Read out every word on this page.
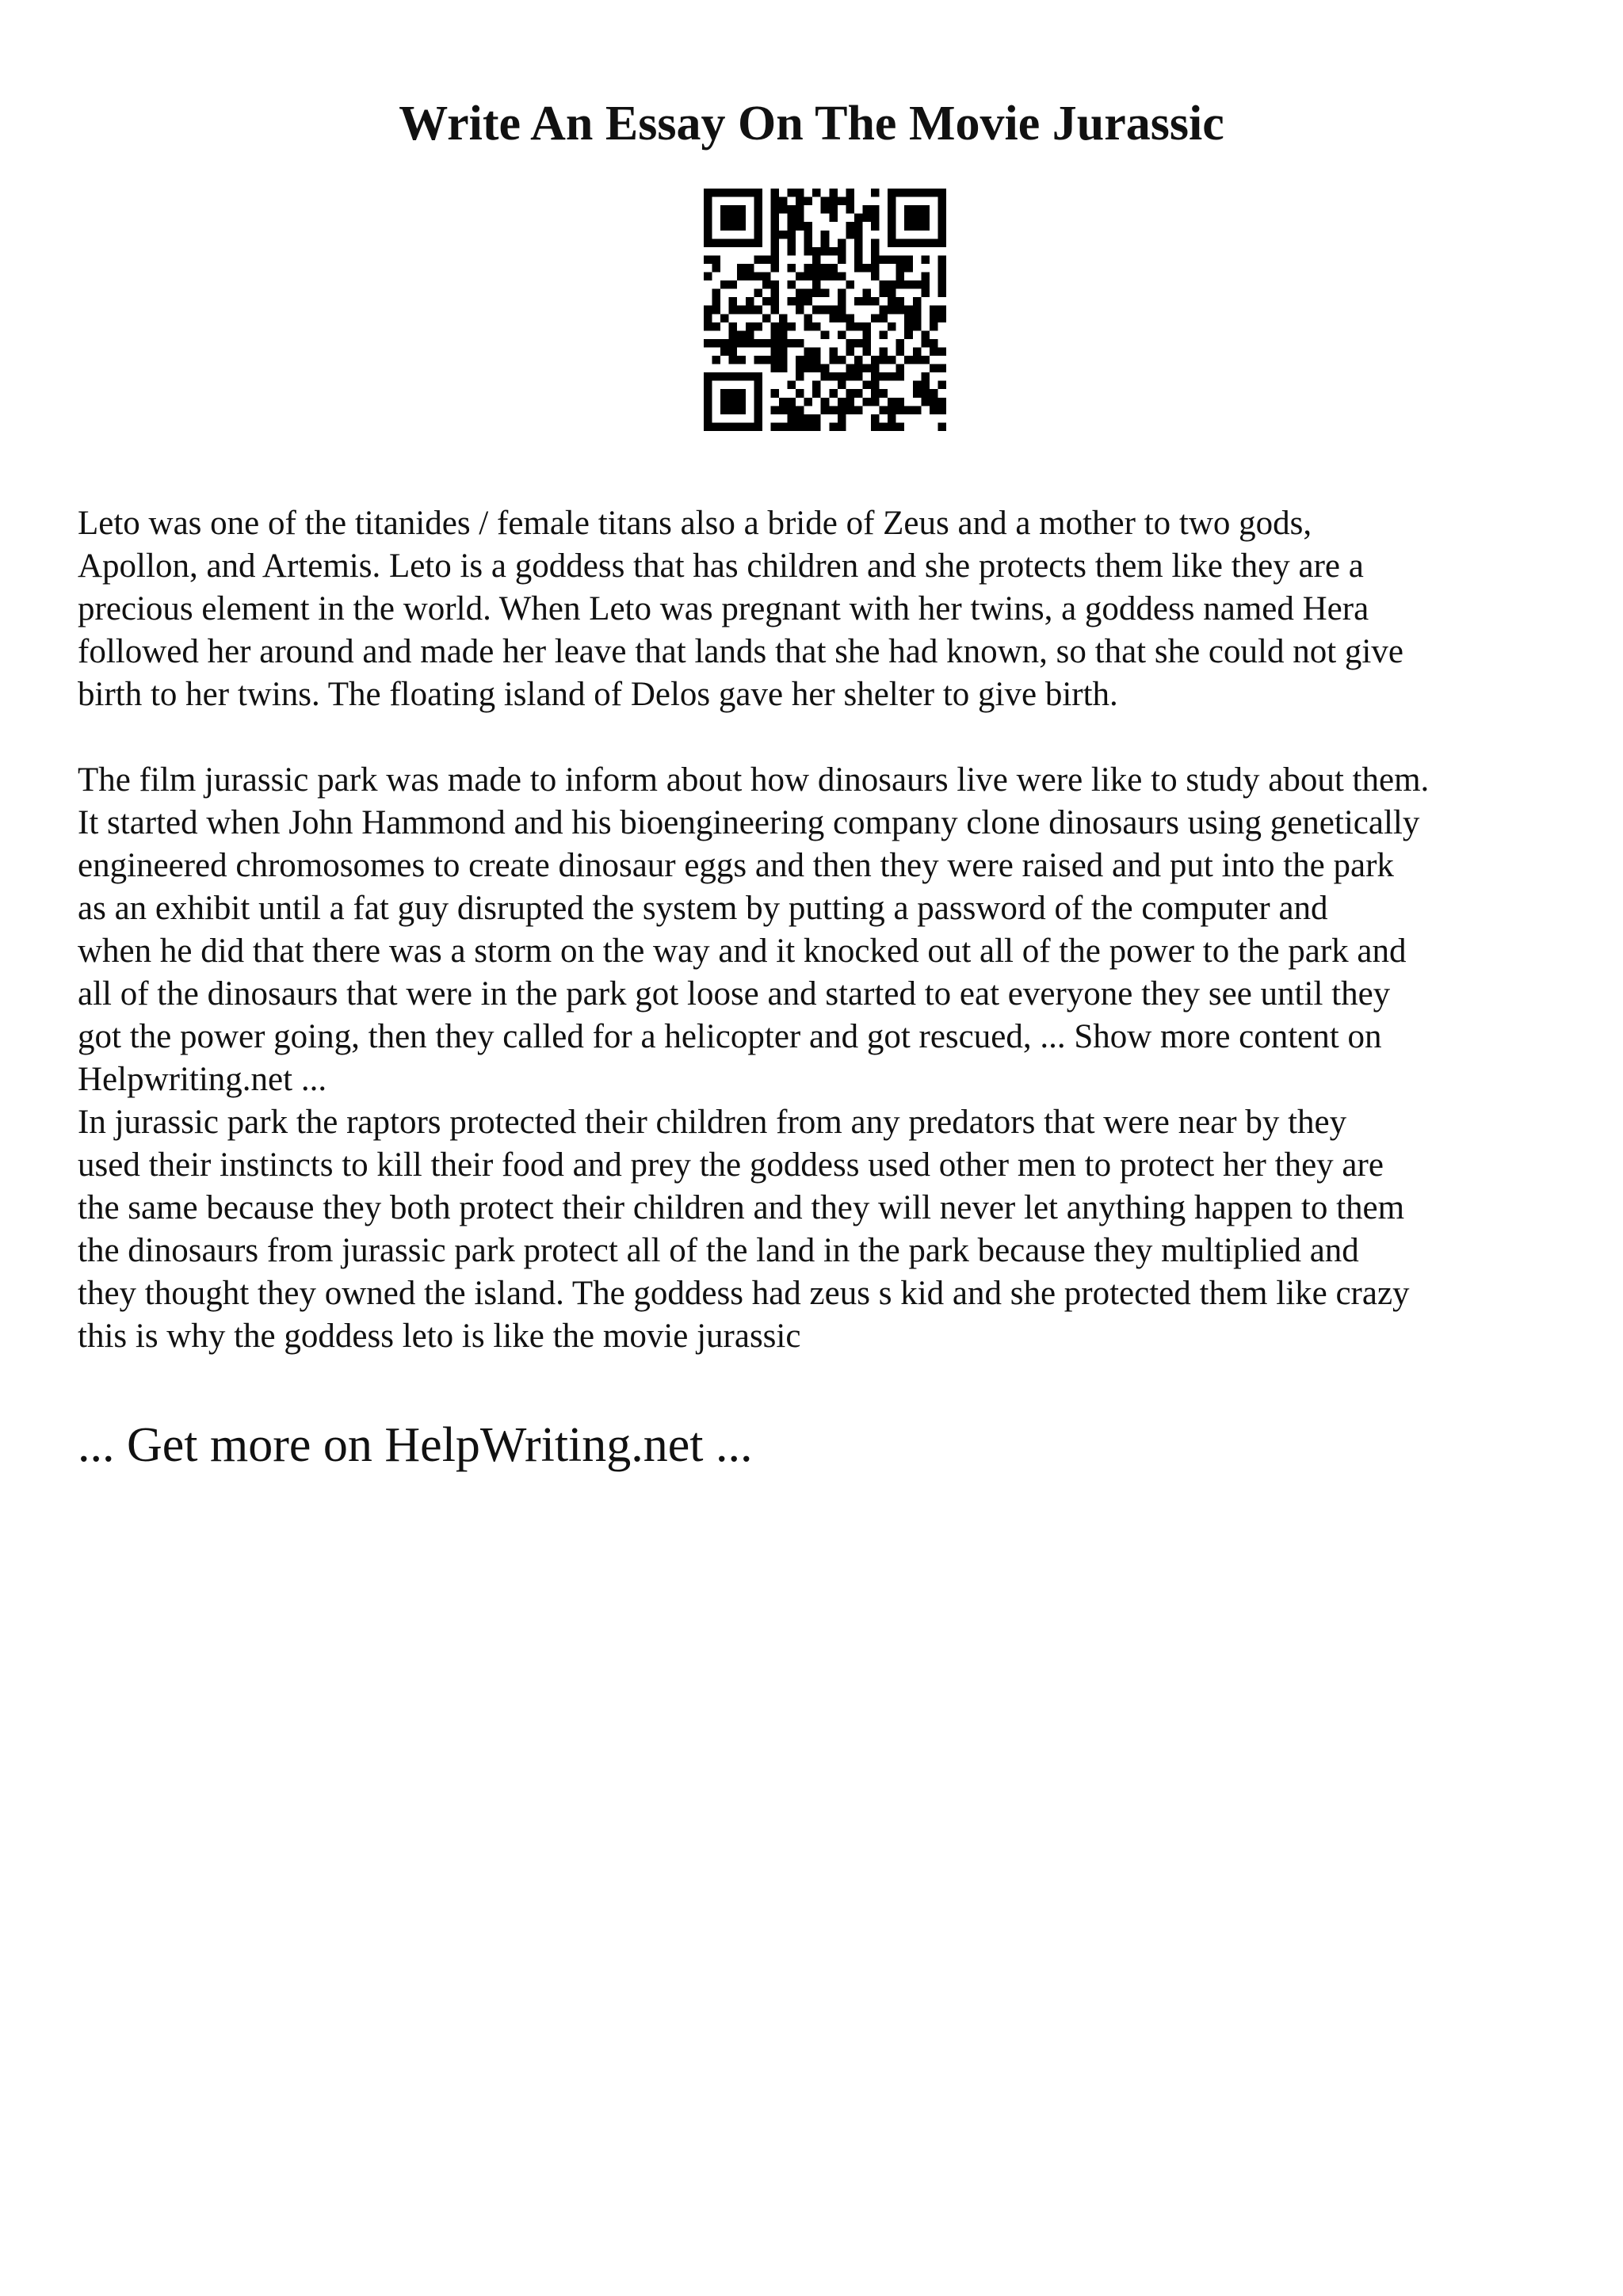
Write An Essay On The Movie Jurassic

Leto was one of the titanides / female titans also a bride of Zeus and a mother to two gods,
Apollon, and Artemis. Leto is a goddess that has children and she protects them like they are a
precious element in the world. When Leto was pregnant with her twins, a goddess named Hera
followed her around and made her leave that lands that she had known, so that she could not give
birth to her twins. The floating island of Delos gave her shelter to give birth.

The film jurassic park was made to inform about how dinosaurs live were like to study about them.
It started when John Hammond and his bioengineering company clone dinosaurs using genetically
engineered chromosomes to create dinosaur eggs and then they were raised and put into the park
as an exhibit until a fat guy disrupted the system by putting a password of the computer and
when he did that there was a storm on the way and it knocked out all of the power to the park and
all of the dinosaurs that were in the park got loose and started to eat everyone they see until they
got the power going, then they called for a helicopter and got rescued, ... Show more content on
Helpwriting.net ...

In jurassic park the raptors protected their children from any predators that were near by they
used their instincts to kill their food and prey the goddess used other men to protect her they are
the same because they both protect their children and they will never let anything happen to them
the dinosaurs from jurassic park protect all of the land in the park because they multiplied and
they thought they owned the island. The goddess had zeus s kid and she protected them like crazy
this is why the goddess leto is like the movie jurassic

... Get more on HelpWriting.net ...
